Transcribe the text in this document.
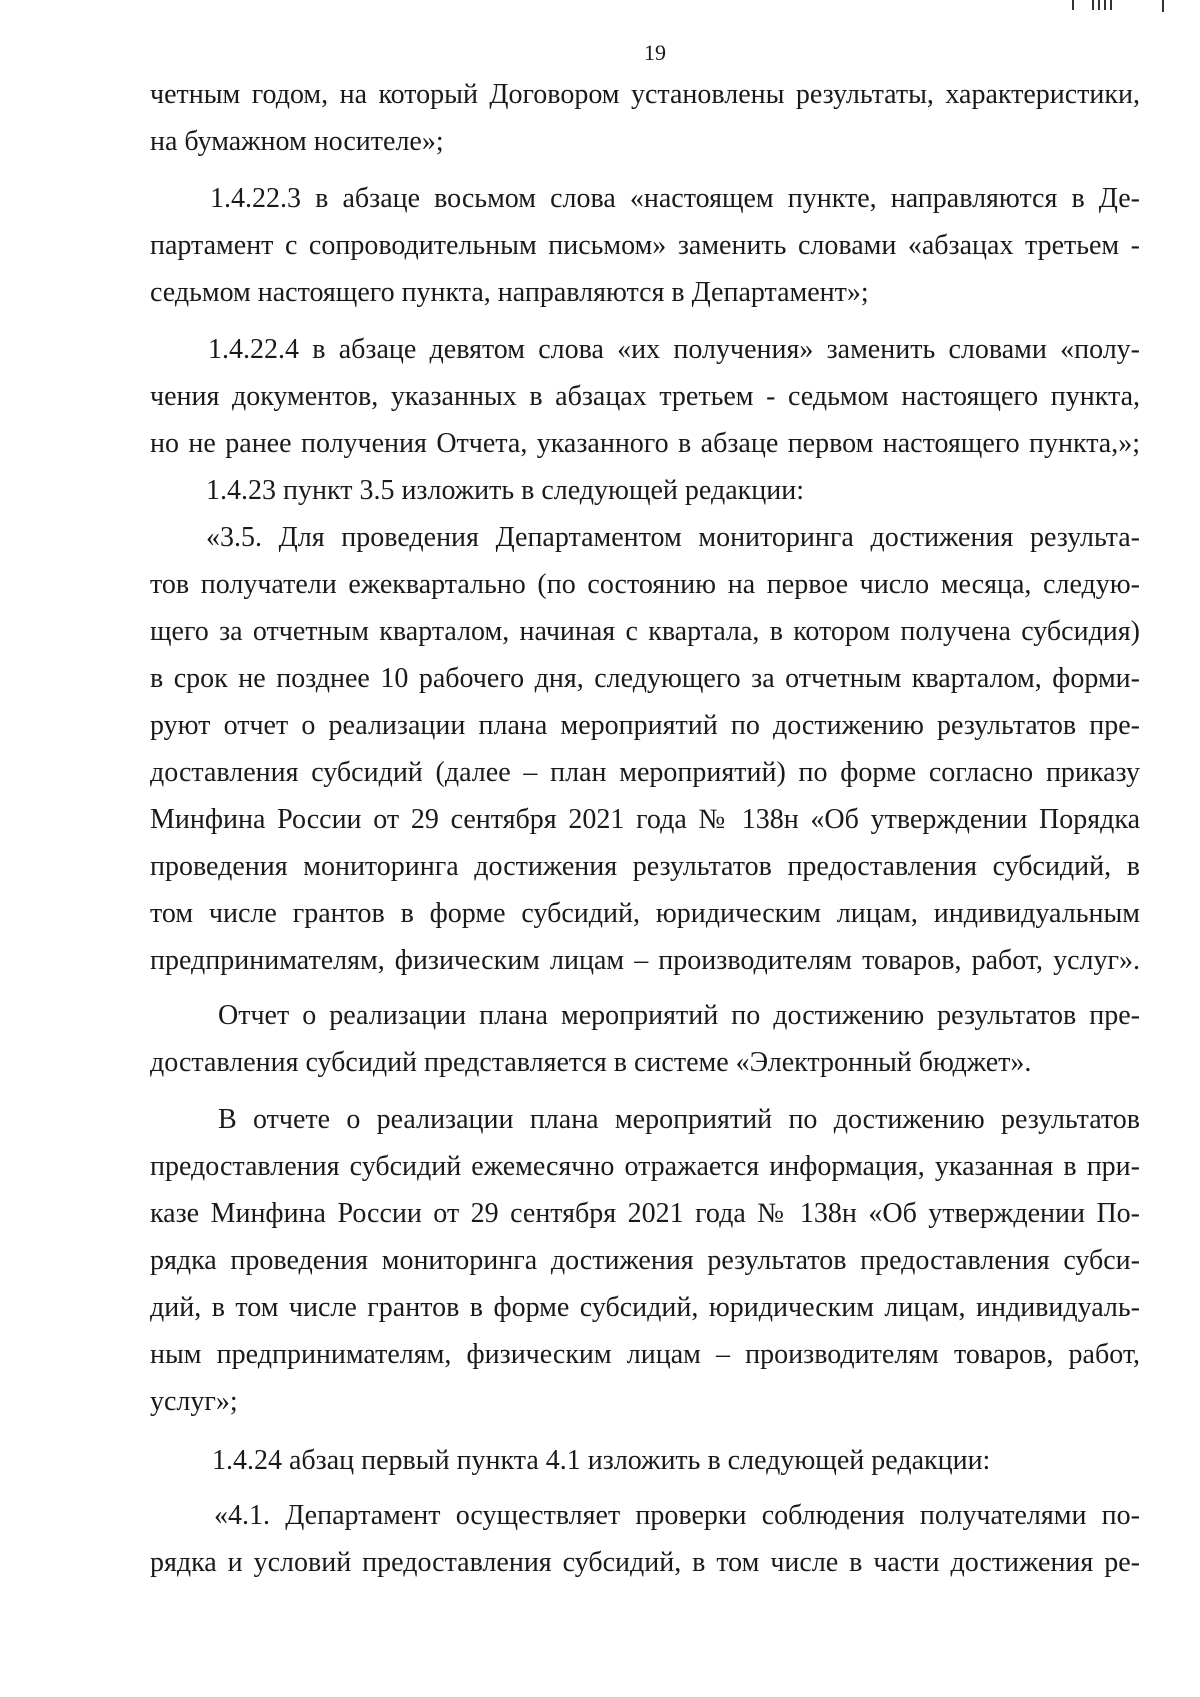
19

четным годом, на который Договором установлены результаты, характеристики,
на бумажном носителе»;

1.4.22.3 в абзаце восьмом слова «настоящем пункте, направляются в Де-
партамент с сопроводительным письмом» заменить словами «абзацах третьем -
седьмом настоящего пункта, направляются в Департамент»;

1.4.22.4 в абзаце девятом слова «их получения» заменить словами «полу-
чения документов, указанных в абзацах третьем - седьмом настоящего пункта,
но не ранее получения Отчета, указанного в абзаце первом настоящего пункта,»;

1.4.23 пункт 3.5 изложить в следующей редакции:

«3.5. Для проведения Департаментом мониторинга достижения результа-
тов получатели ежеквартально (по состоянию на первое число месяца, следую-
щего за отчетным кварталом, начиная с квартала, в котором получена субсидия)
в срок не позднее 10 рабочего дня, следующего за отчетным кварталом, форми-
руют отчет о реализации плана мероприятий по достижению результатов пре-
доставления субсидий (далее – план мероприятий) по форме согласно приказу
Минфина России от 29 сентября 2021 года № 138н «Об утверждении Порядка
проведения мониторинга достижения результатов предоставления субсидий, в
том числе грантов в форме субсидий, юридическим лицам, индивидуальным
предпринимателям, физическим лицам – производителям товаров, работ, услуг».

Отчет о реализации плана мероприятий по достижению результатов пре-
доставления субсидий представляется в системе «Электронный бюджет».

В отчете о реализации плана мероприятий по достижению результатов
предоставления субсидий ежемесячно отражается информация, указанная в при-
казе Минфина России от 29 сентября 2021 года № 138н «Об утверждении По-
рядка проведения мониторинга достижения результатов предоставления субси-
дий, в том числе грантов в форме субсидий, юридическим лицам, индивидуаль-
ным предпринимателям, физическим лицам – производителям товаров, работ,
услуг»;

1.4.24 абзац первый пункта 4.1 изложить в следующей редакции:

«4.1. Департамент осуществляет проверки соблюдения получателями по-
рядка и условий предоставления субсидий, в том числе в части достижения ре-
